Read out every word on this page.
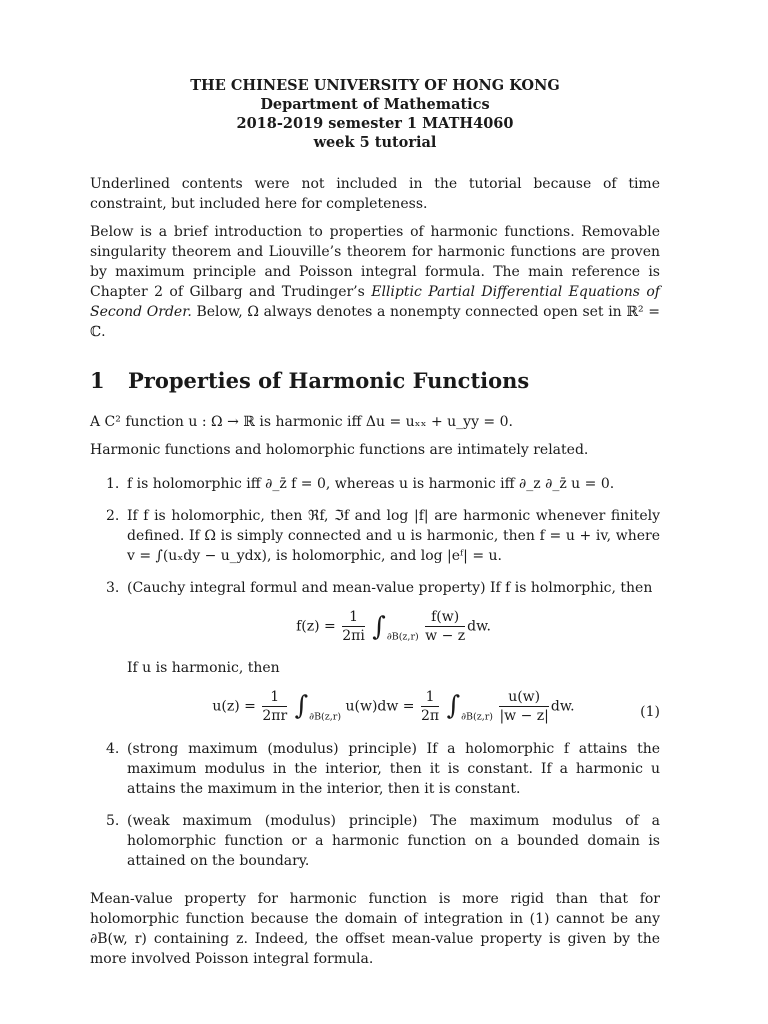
THE CHINESE UNIVERSITY OF HONG KONG
Department of Mathematics
2018-2019 semester 1 MATH4060
week 5 tutorial

Underlined contents were not included in the tutorial because of time constraint, but included here for completeness.

Below is a brief introduction to properties of harmonic functions. Removable singularity theorem and Liouville’s theorem for harmonic functions are proven by maximum principle and Poisson integral formula. The main reference is Chapter 2 of Gilbarg and Trudinger’s Elliptic Partial Differential Equations of Second Order. Below, Ω always denotes a nonempty connected open set in ℝ² = ℂ.

1 Properties of Harmonic Functions

A C² function u : Ω → ℝ is harmonic iff Δu = uₓₓ + u_yy = 0.

Harmonic functions and holomorphic functions are intimately related.

1. f is holomorphic iff ∂_z̄ f = 0, whereas u is harmonic iff ∂_z ∂_z̄ u = 0.
2. If f is holomorphic, then ℜf, ℑf and log |f| are harmonic whenever finitely defined. If Ω is simply connected and u is harmonic, then f = u + iv, where v = ∫(uₓdy − u_ydx), is holomorphic, and log |eᶠ| = u.
3. (Cauchy integral formul and mean-value property) If f is holmorphic, then
$f(z) = \frac{1}{2\pi i} \int_{\partial B(z,r)} \frac{f(w)}{w - z}$ dw.
If u is harmonic, then
$u(z) = \frac{1}{2\pi r} \int_{\partial B(z,r)}$ $u(w)dw = \frac{1}{2\pi} \int_{\partial B(z,r)} \frac{u(w)}{|w - z|}$ dw.	(1)
4. (strong maximum (modulus) principle) If a holomorphic f attains the maximum modulus in the interior, then it is constant. If a harmonic u attains the maximum in the interior, then it is constant.
5. (weak maximum (modulus) principle) The maximum modulus of a holomorphic function or a harmonic function on a bounded domain is attained on the boundary.

Mean-value property for harmonic function is more rigid than that for holomorphic function because the domain of integration in (1) cannot be any ∂B(w, r) containing z. Indeed, the offset mean-value property is given by the more involved Poisson integral formula.
